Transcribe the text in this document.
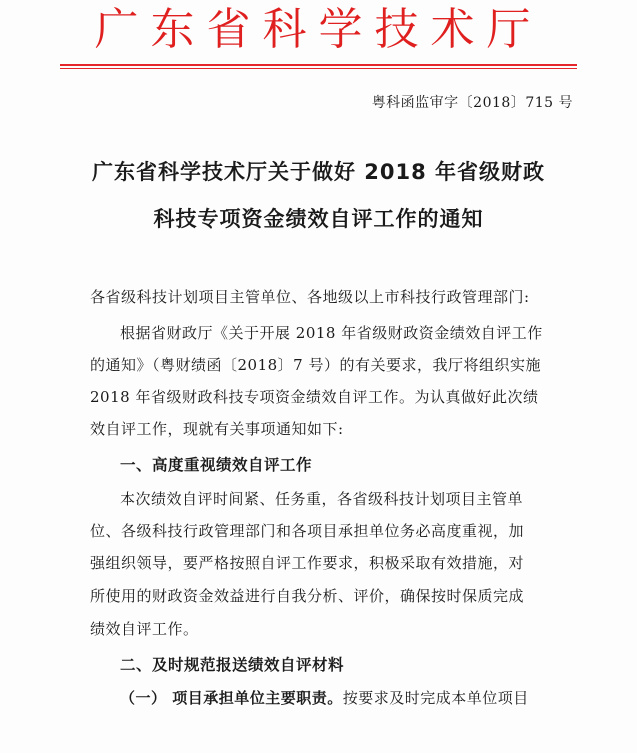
广东省科学技术厅
粤科函监审字〔2018〕715 号
广东省科学技术厅关于做好 2018 年省级财政
科技专项资金绩效自评工作的通知
各省级科技计划项目主管单位、各地级以上市科技行政管理部门:
根据省财政厅《关于开展 2018 年省级财政资金绩效自评工作
的通知》（粤财绩函〔2018〕7 号）的有关要求，我厅将组织实施
2018 年省级财政科技专项资金绩效自评工作。为认真做好此次绩
效自评工作，现就有关事项通知如下:
一、高度重视绩效自评工作
本次绩效自评时间紧、任务重，各省级科技计划项目主管单
位、各级科技行政管理部门和各项目承担单位务必高度重视，加
强组织领导，要严格按照自评工作要求，积极采取有效措施，对
所使用的财政资金效益进行自我分析、评价，确保按时保质完成
绩效自评工作。
二、及时规范报送绩效自评材料
（一） 项目承担单位主要职责。按要求及时完成本单位项目
